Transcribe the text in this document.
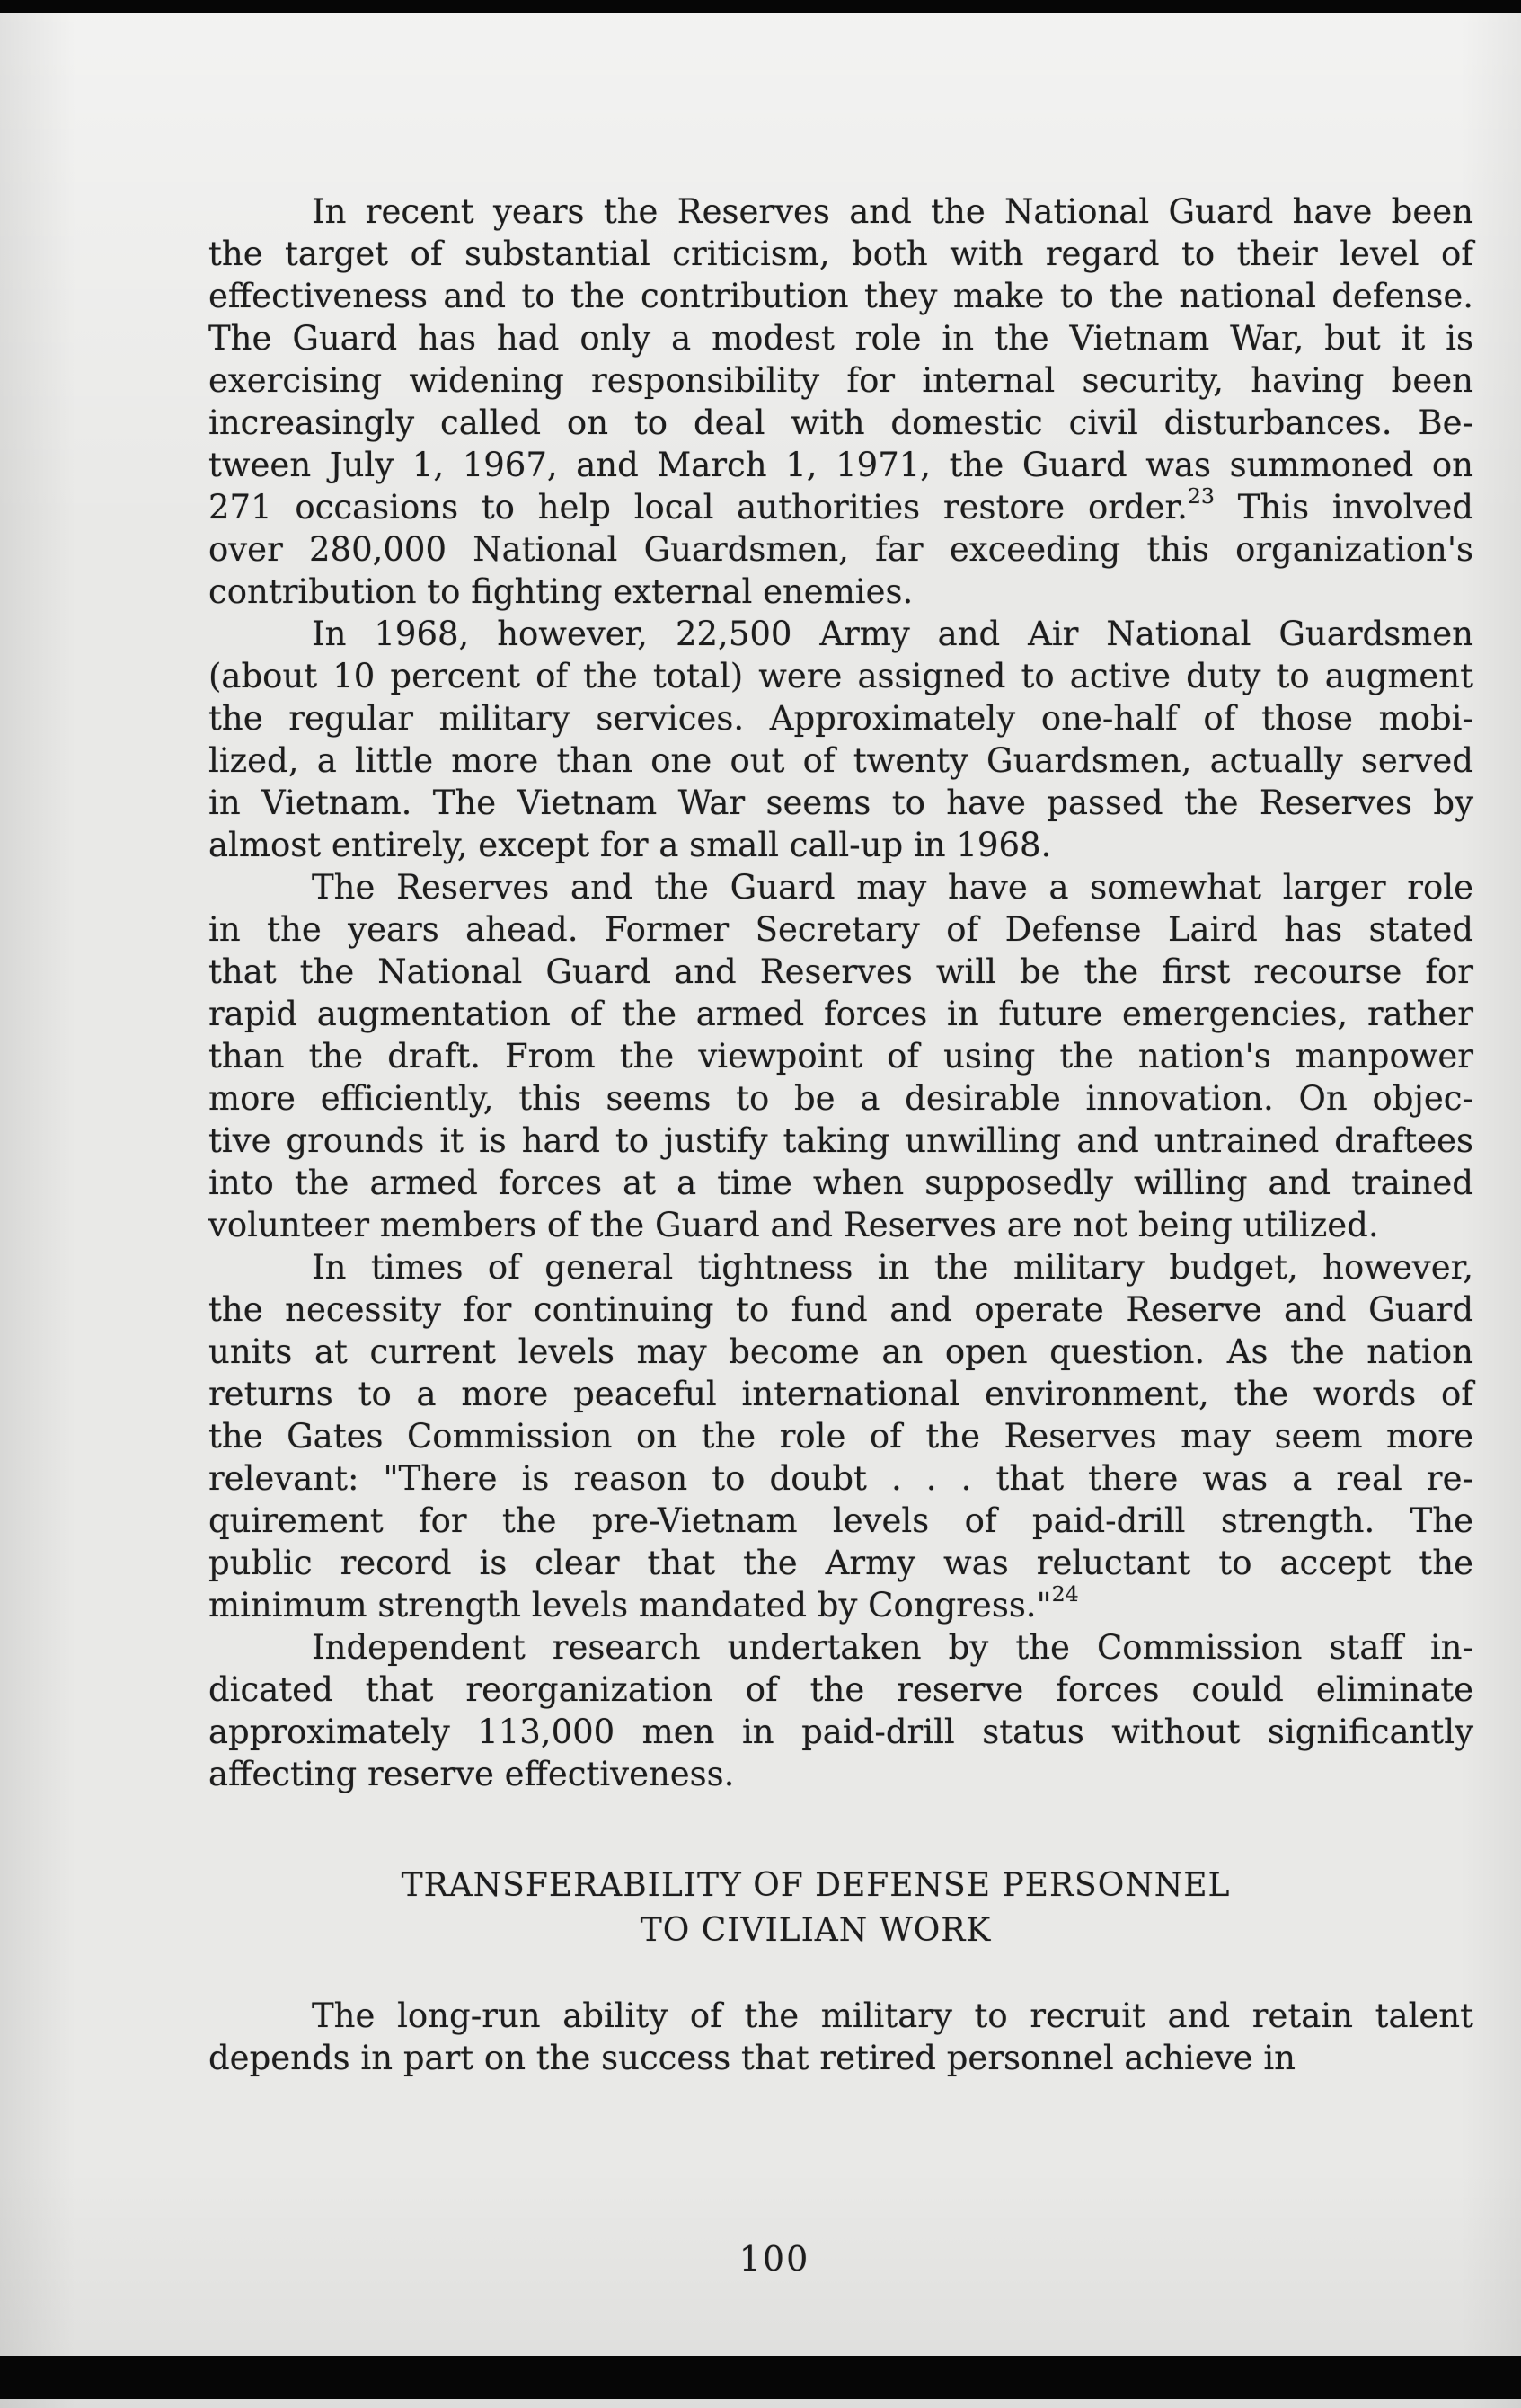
In recent years the Reserves and the National Guard have been
the target of substantial criticism, both with regard to their level of
effectiveness and to the contribution they make to the national defense.
The Guard has had only a modest role in the Vietnam War, but it is
exercising widening responsibility for internal security, having been
increasingly called on to deal with domestic civil disturbances. Be-
tween July 1, 1967, and March 1, 1971, the Guard was summoned on
271 occasions to help local authorities restore order.$^{23}$ This involved
over 280,000 National Guardsmen, far exceeding this organization's
contribution to fighting external enemies.
In 1968, however, 22,500 Army and Air National Guardsmen
(about 10 percent of the total) were assigned to active duty to augment
the regular military services. Approximately one-half of those mobi-
lized, a little more than one out of twenty Guardsmen, actually served
in Vietnam. The Vietnam War seems to have passed the Reserves by
almost entirely, except for a small call-up in 1968.
The Reserves and the Guard may have a somewhat larger role
in the years ahead. Former Secretary of Defense Laird has stated
that the National Guard and Reserves will be the first recourse for
rapid augmentation of the armed forces in future emergencies, rather
than the draft. From the viewpoint of using the nation's manpower
more efficiently, this seems to be a desirable innovation. On objec-
tive grounds it is hard to justify taking unwilling and untrained draftees
into the armed forces at a time when supposedly willing and trained
volunteer members of the Guard and Reserves are not being utilized.
In times of general tightness in the military budget, however,
the necessity for continuing to fund and operate Reserve and Guard
units at current levels may become an open question. As the nation
returns to a more peaceful international environment, the words of
the Gates Commission on the role of the Reserves may seem more
relevant: "There is reason to doubt . . . that there was a real re-
quirement for the pre-Vietnam levels of paid-drill strength. The
public record is clear that the Army was reluctant to accept the
minimum strength levels mandated by Congress."$^{24}$
Independent research undertaken by the Commission staff in-
dicated that reorganization of the reserve forces could eliminate
approximately 113,000 men in paid-drill status without significantly
affecting reserve effectiveness.
TRANSFERABILITY OF DEFENSE PERSONNEL
TO CIVILIAN WORK
The long-run ability of the military to recruit and retain talent
depends in part on the success that retired personnel achieve in
100
